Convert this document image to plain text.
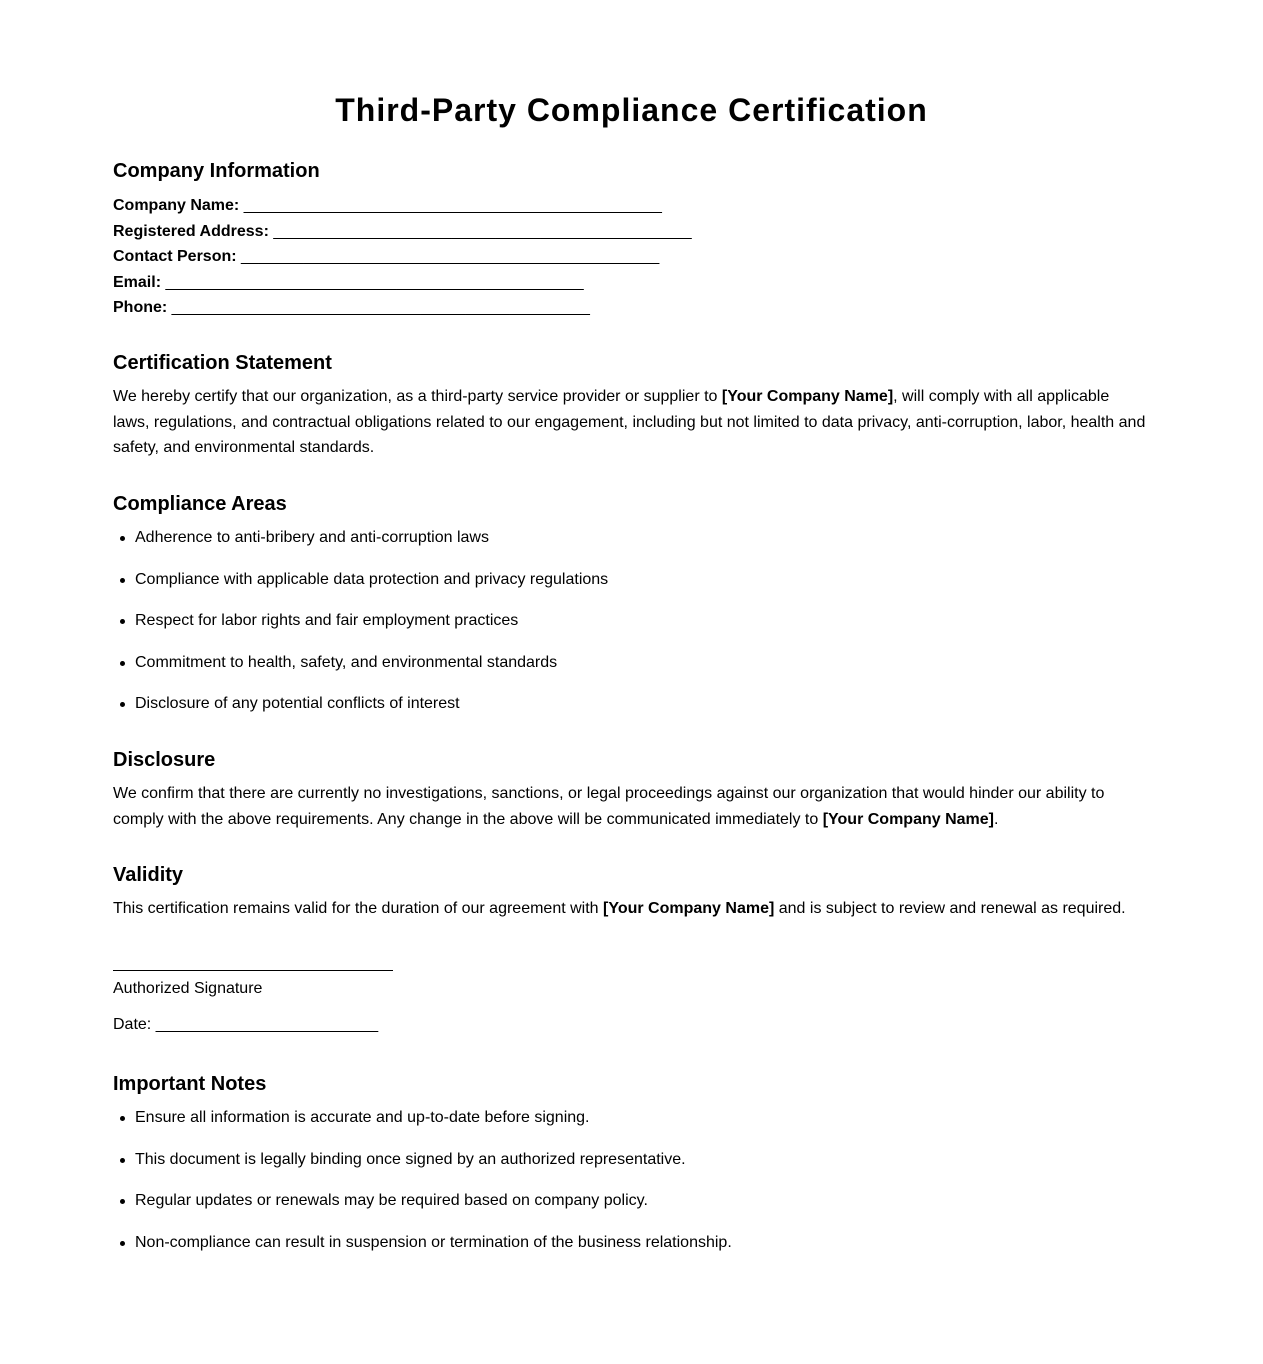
Third-Party Compliance Certification
Company Information
Company Name: _______________________________________________
Registered Address: _______________________________________________
Contact Person: _______________________________________________
Email: _______________________________________________
Phone: _______________________________________________
Certification Statement

We hereby certify that our organization, as a third-party service provider or supplier to [Your Company Name], will comply with all applicable laws, regulations, and contractual obligations related to our engagement, including but not limited to data privacy, anti-corruption, labor, health and safety, and environmental standards.

Compliance Areas
Adherence to anti-bribery and anti-corruption laws
Compliance with applicable data protection and privacy regulations
Respect for labor rights and fair employment practices
Commitment to health, safety, and environmental standards
Disclosure of any potential conflicts of interest
Disclosure

We confirm that there are currently no investigations, sanctions, or legal proceedings against our organization that would hinder our ability to comply with the above requirements. Any change in the above will be communicated immediately to [Your Company Name].

Validity

This certification remains valid for the duration of our agreement with [Your Company Name] and is subject to review and renewal as required.

Authorized Signature
Date: _________________________
Important Notes
Ensure all information is accurate and up-to-date before signing.
This document is legally binding once signed by an authorized representative.
Regular updates or renewals may be required based on company policy.
Non-compliance can result in suspension or termination of the business relationship.
